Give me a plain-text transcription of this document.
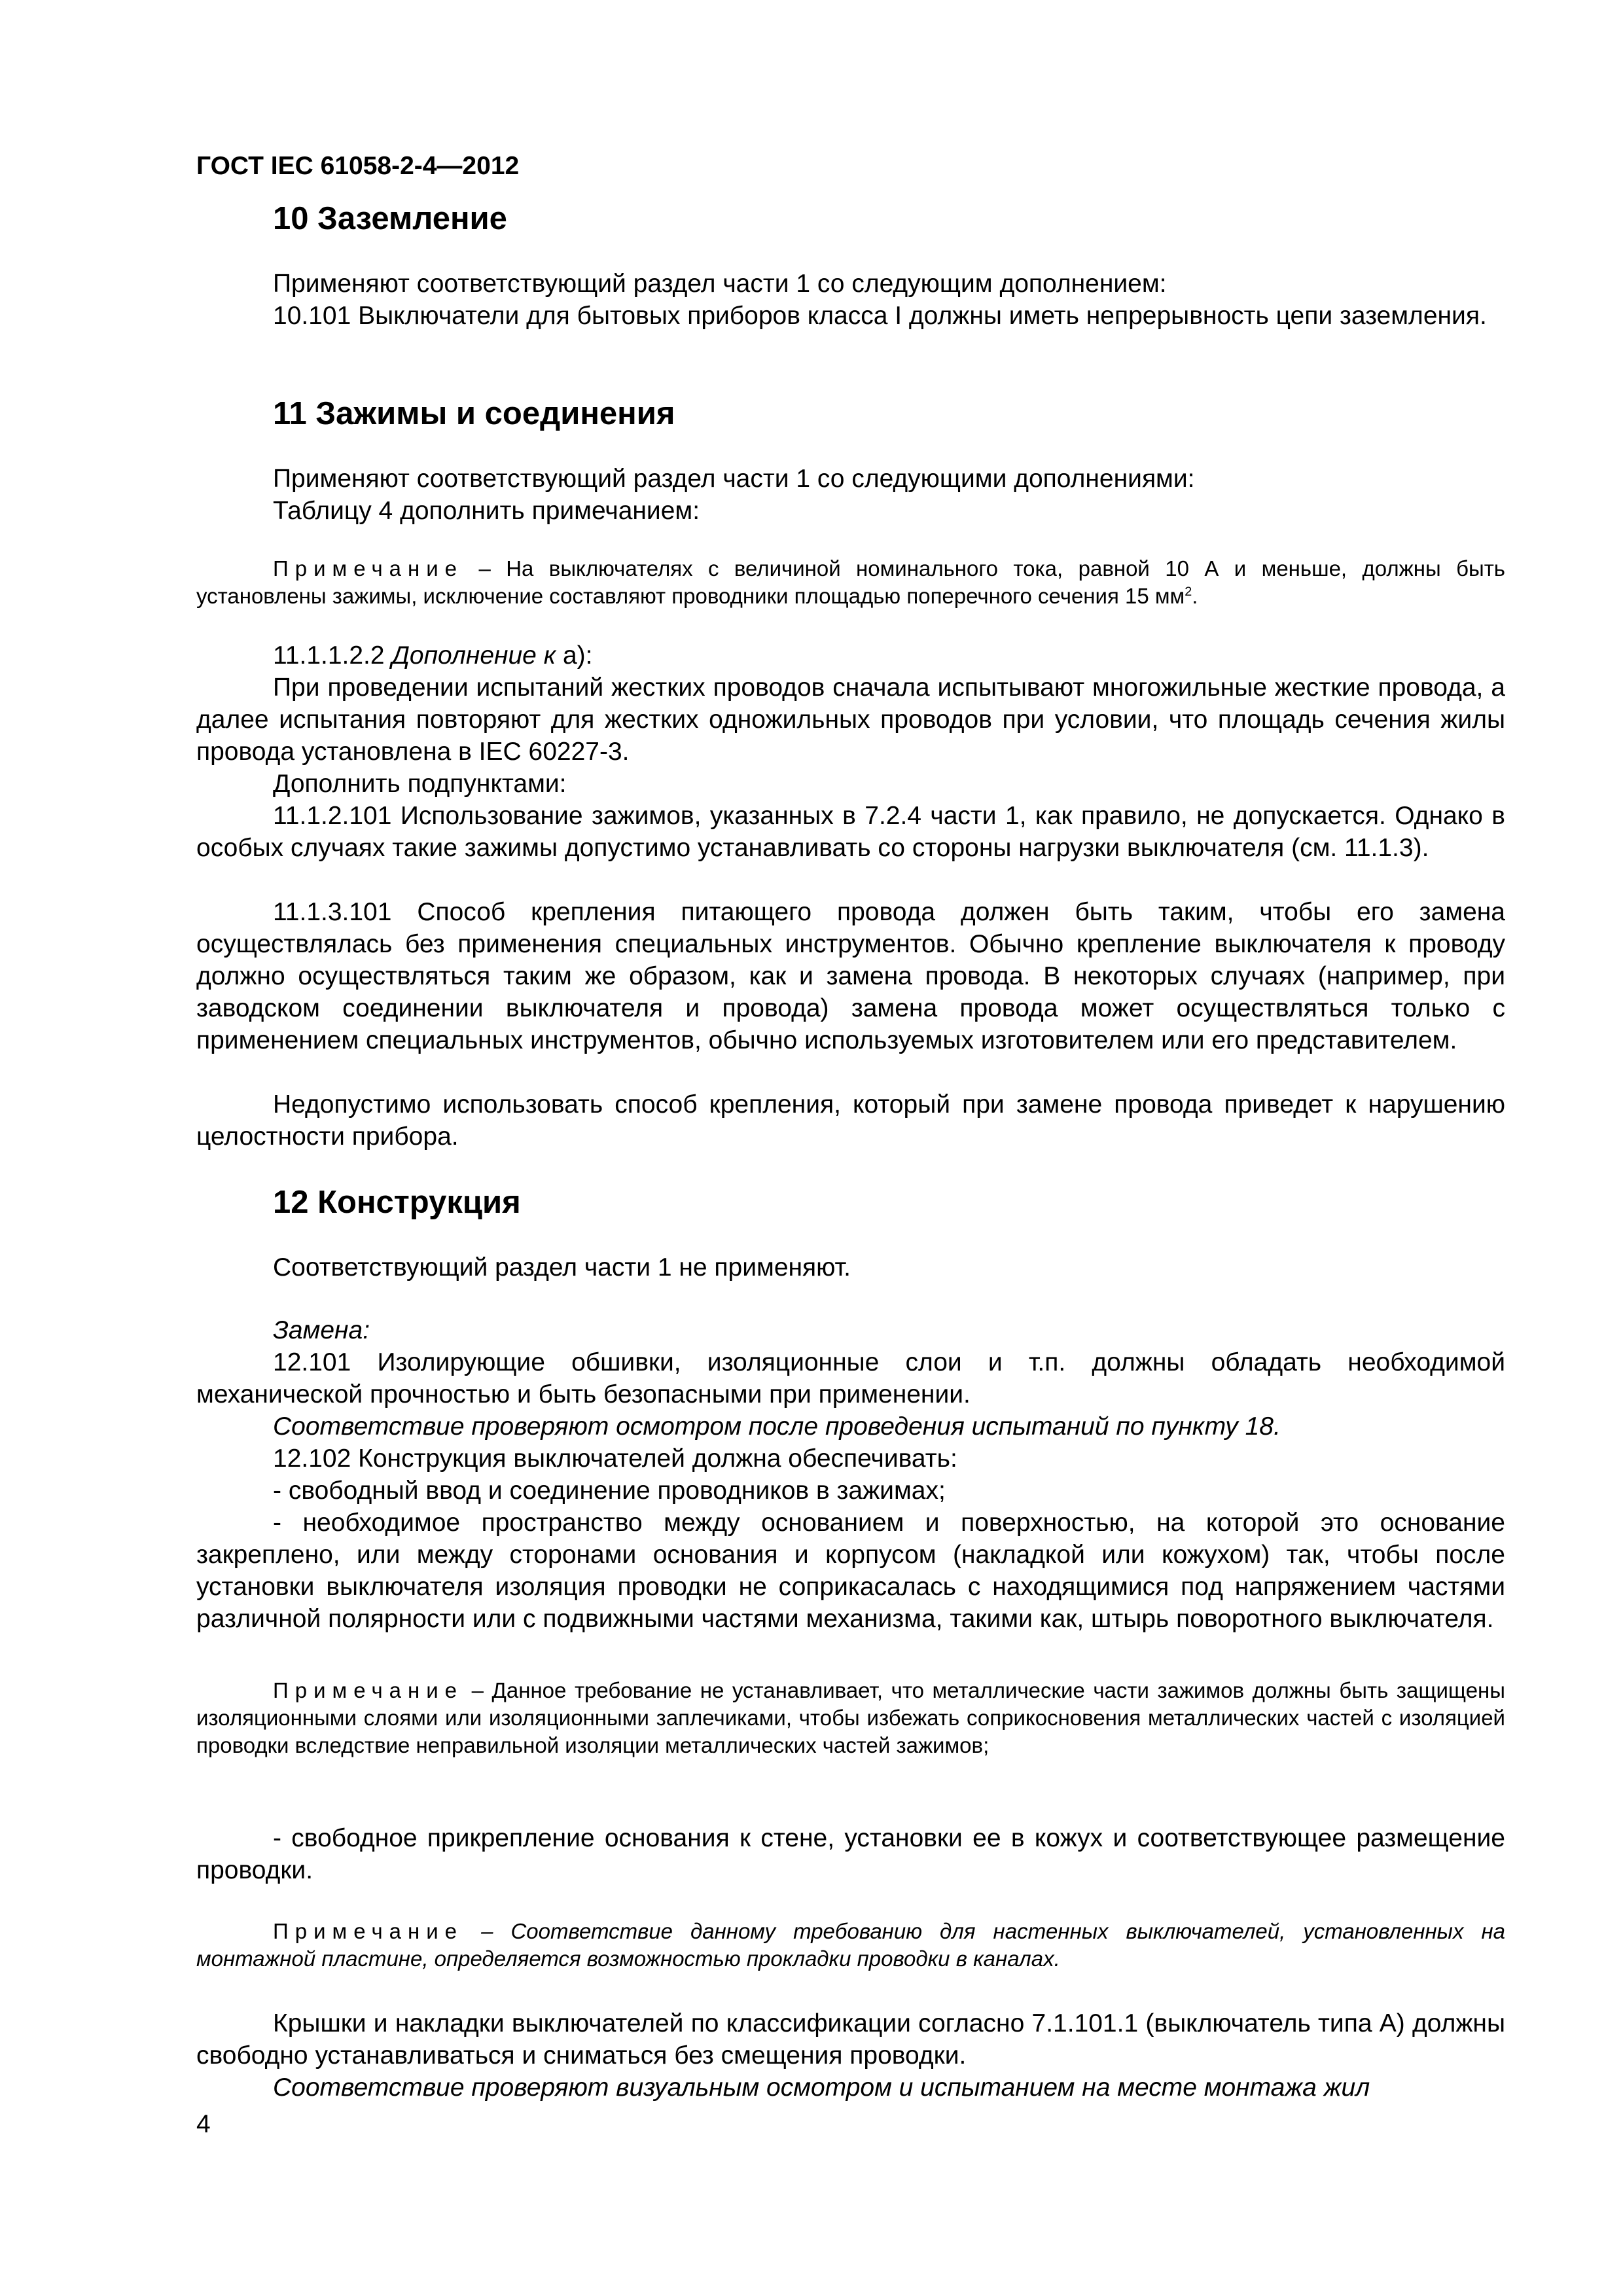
ГОСТ IEC 61058-2-4—2012
10 Заземление
Применяют соответствующий раздел части 1 со следующим дополнением:
10.101 Выключатели для бытовых приборов класса I должны иметь непрерывность цепи заземления.
11 Зажимы и соединения
Применяют соответствующий раздел части 1 со следующими дополнениями:
Таблицу 4 дополнить примечанием:
Примечание – На выключателях с величиной номинального тока, равной 10 А и меньше, должны быть установлены зажимы, исключение составляют проводники площадью поперечного сечения 15 $мм^2$.
11.1.1.2.2 Дополнение к а):
При проведении испытаний жестких проводов сначала испытывают многожильные жесткие провода, а далее испытания повторяют для жестких одножильных проводов при условии, что площадь сечения жилы провода установлена в IEC 60227-3.
Дополнить подпунктами:
11.1.2.101 Использование зажимов, указанных в 7.2.4 части 1, как правило, не допускается. Однако в особых случаях такие зажимы допустимо устанавливать со стороны нагрузки выключателя (см. 11.1.3).
11.1.3.101 Способ крепления питающего провода должен быть таким, чтобы его замена осуществлялась без применения специальных инструментов. Обычно крепление выключателя к проводу должно осуществляться таким же образом, как и замена провода. В некоторых случаях (например, при заводском соединении выключателя и провода) замена провода может осуществляться только с применением специальных инструментов, обычно используемых изготовителем или его представителем.
Недопустимо использовать способ крепления, который при замене провода приведет к нарушению целостности прибора.
12 Конструкция
Соответствующий раздел части 1 не применяют.
Замена:
12.101 Изолирующие обшивки, изоляционные слои и т.п. должны обладать необходимой механической прочностью и быть безопасными при применении.
Соответствие проверяют осмотром после проведения испытаний по пункту 18.
12.102 Конструкция выключателей должна обеспечивать:
- свободный ввод и соединение проводников в зажимах;
- необходимое пространство между основанием и поверхностью, на которой это основание закреплено, или между сторонами основания и корпусом (накладкой или кожухом) так, чтобы после установки выключателя изоляция проводки не соприкасалась с находящимися под напряжением частями различной полярности или с подвижными частями механизма, такими как, штырь поворотного выключателя.
Примечание – Данное требование не устанавливает, что металлические части зажимов должны быть защищены изоляционными слоями или изоляционными заплечиками, чтобы избежать соприкосновения металлических частей с изоляцией проводки вследствие неправильной изоляции металлических частей зажимов;
- свободное прикрепление основания к стене, установки ее в кожух и соответствующее размещение проводки.
Примечание – Соответствие данному требованию для настенных выключателей, установленных на монтажной пластине, определяется возможностью прокладки проводки в каналах.
Крышки и накладки выключателей по классификации согласно 7.1.101.1 (выключатель типа А) должны свободно устанавливаться и сниматься без смещения проводки.
Соответствие проверяют визуальным осмотром и испытанием на месте монтажа жил
4
